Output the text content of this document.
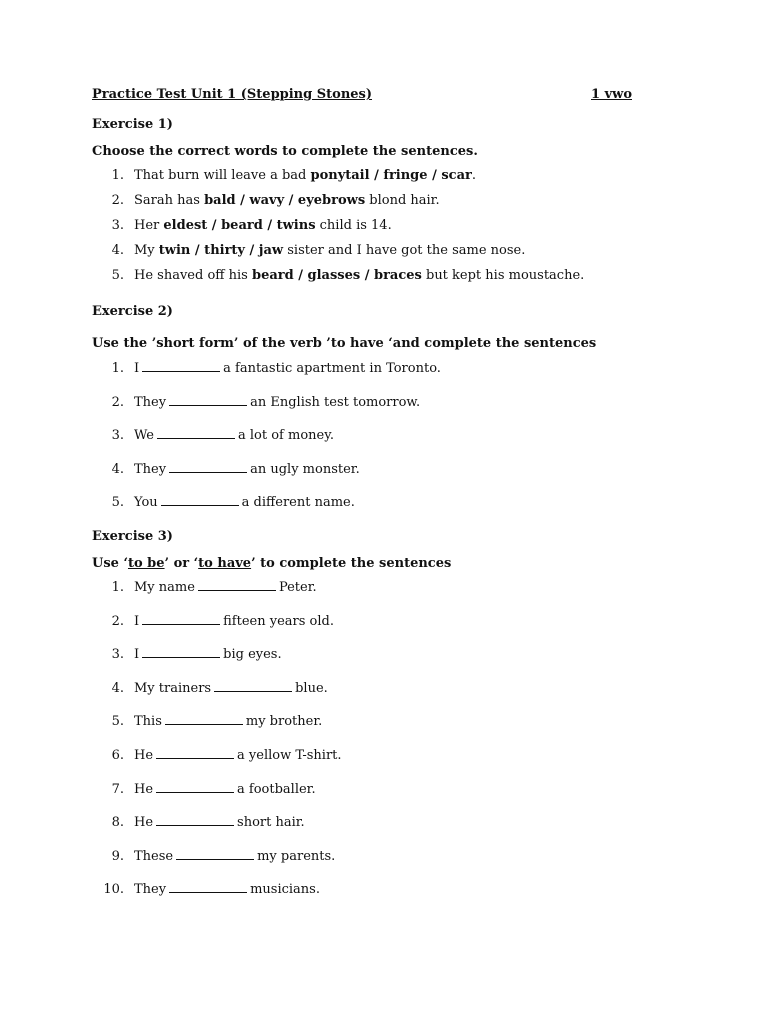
Practice Test Unit 1 (Stepping Stones)	1 vwo
Exercise 1)
Choose the correct words to complete the sentences.
1. That burn will leave a bad ponytail / fringe / scar.
2. Sarah has bald / wavy / eyebrows blond hair.
3. Her eldest / beard / twins child is 14.
4. My twin / thirty / jaw sister and I have got the same nose.
5. He shaved off his beard / glasses / braces but kept his moustache.
Exercise 2)
Use the ’short form’ of the verb ’to have ‘and complete the sentences
1. I	a fantastic apartment in Toronto.
2. They	an English test tomorrow.
3. We	a lot of money.
4. They	an ugly monster.
5. You	a different name.
Exercise 3)
Use ‘to be’ or ‘to have’ to complete the sentences
1. My name	Peter.
2. I	fifteen years old.
3. I	big eyes.
4. My trainers	blue.
5. This	my brother.
6. He	a yellow T-shirt.
7. He	a footballer.
8. He	short hair.
9. These	my parents.
10. They	musicians.
